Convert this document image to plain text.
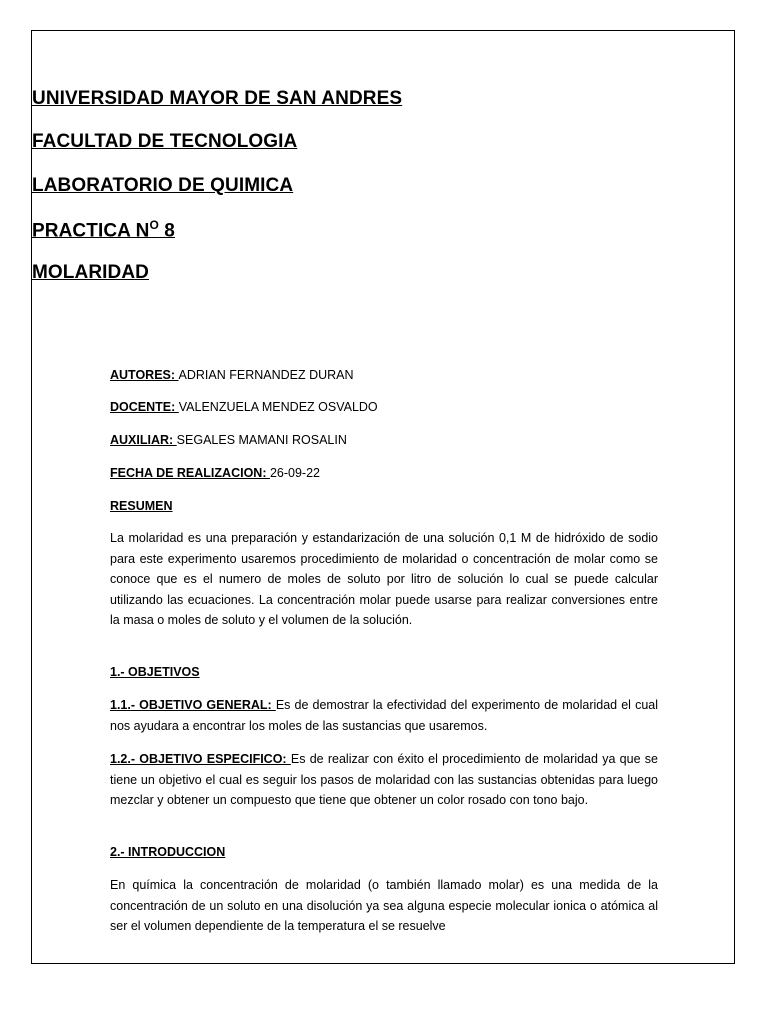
UNIVERSIDAD MAYOR DE SAN ANDRES
FACULTAD DE TECNOLOGIA
LABORATORIO DE QUIMICA
PRACTICA $N^O$ 8
MOLARIDAD
AUTORES: ADRIAN FERNANDEZ DURAN
DOCENTE: VALENZUELA MENDEZ OSVALDO
AUXILIAR: SEGALES MAMANI ROSALIN
FECHA DE REALIZACION: 26-09-22
RESUMEN
La molaridad es una preparación y estandarización de una solución 0,1 M de hidróxido de sodio para este experimento usaremos procedimiento de molaridad o concentración de molar como se conoce que es el numero de moles de soluto por litro de solución lo cual se puede calcular utilizando las ecuaciones. La concentración molar puede usarse para realizar conversiones entre la masa o moles de soluto y el volumen de la solución.
1.- OBJETIVOS
1.1.- OBJETIVO GENERAL: Es de demostrar la efectividad del experimento de molaridad el cual nos ayudara a encontrar los moles de las sustancias que usaremos.
1.2.- OBJETIVO ESPECIFICO: Es de realizar con éxito el procedimiento de molaridad ya que se tiene un objetivo el cual es seguir los pasos de molaridad con las sustancias obtenidas para luego mezclar y obtener un compuesto que tiene que obtener un color rosado con tono bajo.
2.- INTRODUCCION
En química la concentración de molaridad (o también llamado molar) es una medida de la concentración de un soluto en una disolución ya sea alguna especie molecular ionica o atómica al ser el volumen dependiente de la temperatura el se resuelve
